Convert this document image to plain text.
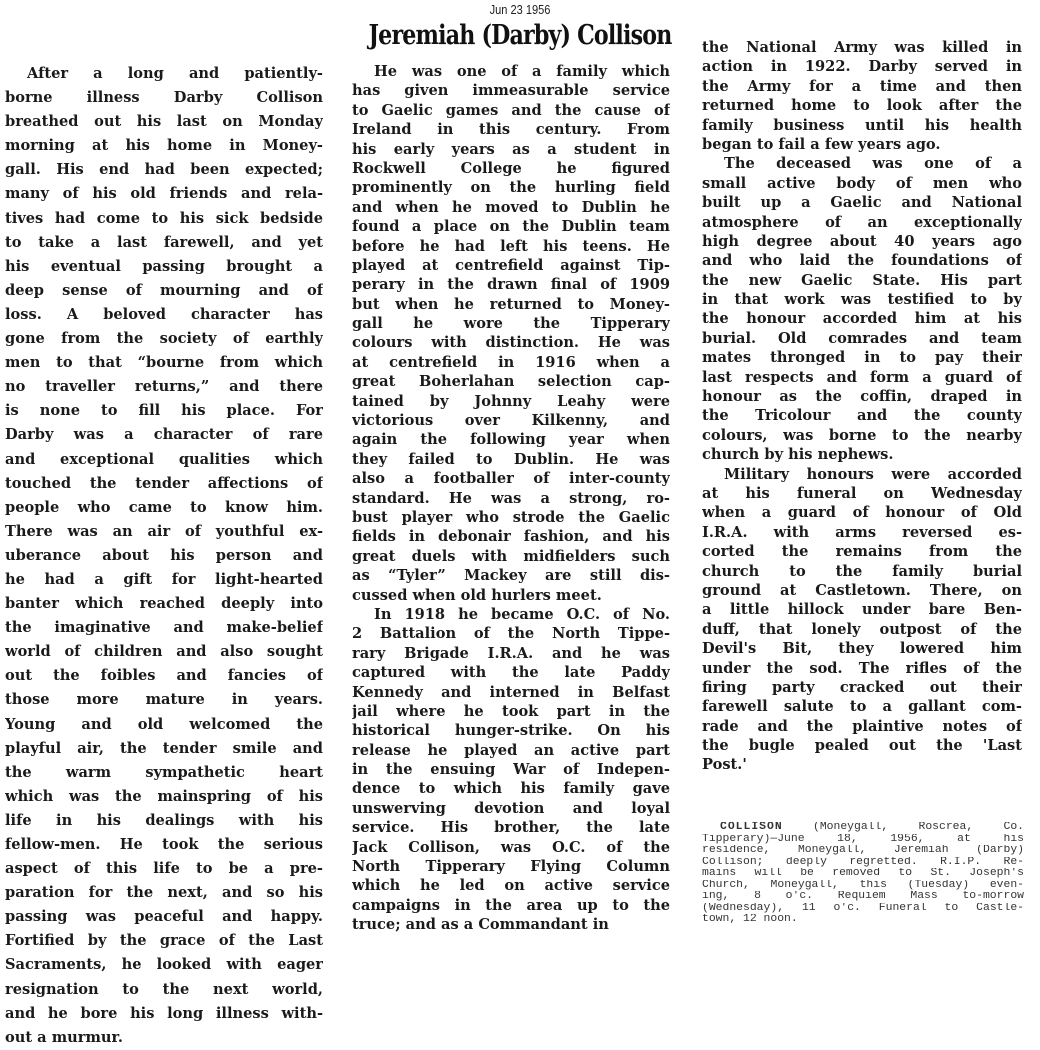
Jun 23 1956
Jeremiah (Darby) Collison
After a long and patiently-
borne illness Darby Collison
breathed out his last on Monday
morning at his home in Money-
gall. His end had been expected;
many of his old friends and rela-
tives had come to his sick bedside
to take a last farewell, and yet
his eventual passing brought a
deep sense of mourning and of
loss. A beloved character has
gone from the society of earthly
men to that “bourne from which
no traveller returns,” and there
is none to fill his place. For
Darby was a character of rare
and exceptional qualities which
touched the tender affections of
people who came to know him.
There was an air of youthful ex-
uberance about his person and
he had a gift for light-hearted
banter which reached deeply into
the imaginative and make-belief
world of children and also sought
out the foibles and fancies of
those more mature in years.
Young and old welcomed the
playful air, the tender smile and
the warm sympathetic heart
which was the mainspring of his
life in his dealings with his
fellow-men. He took the serious
aspect of this life to be a pre-
paration for the next, and so his
passing was peaceful and happy.
Fortified by the grace of the Last
Sacraments, he looked with eager
resignation to the next world,
and he bore his long illness with-
out a murmur.
He was one of a family which
has given immeasurable service
to Gaelic games and the cause of
Ireland in this century. From
his early years as a student in
Rockwell College he figured
prominently on the hurling field
and when he moved to Dublin he
found a place on the Dublin team
before he had left his teens. He
played at centrefield against Tip-
perary in the drawn final of 1909
but when he returned to Money-
gall he wore the Tipperary
colours with distinction. He was
at centrefield in 1916 when a
great Boherlahan selection cap-
tained by Johnny Leahy were
victorious over Kilkenny, and
again the following year when
they failed to Dublin. He was
also a footballer of inter-county
standard. He was a strong, ro-
bust player who strode the Gaelic
fields in debonair fashion, and his
great duels with midfielders such
as “Tyler” Mackey are still dis-
cussed when old hurlers meet.
In 1918 he became O.C. of No.
2 Battalion of the North Tippe-
rary Brigade I.R.A. and he was
captured with the late Paddy
Kennedy and interned in Belfast
jail where he took part in the
historical hunger-strike. On his
release he played an active part
in the ensuing War of Indepen-
dence to which his family gave
unswerving devotion and loyal
service. His brother, the late
Jack Collison, was O.C. of the
North Tipperary Flying Column
which he led on active service
campaigns in the area up to the
truce; and as a Commandant in
the National Army was killed in
action in 1922. Darby served in
the Army for a time and then
returned home to look after the
family business until his health
began to fail a few years ago.
The deceased was one of a
small active body of men who
built up a Gaelic and National
atmosphere of an exceptionally
high degree about 40 years ago
and who laid the foundations of
the new Gaelic State. His part
in that work was testified to by
the honour accorded him at his
burial. Old comrades and team
mates thronged in to pay their
last respects and form a guard of
honour as the coffin, draped in
the Tricolour and the county
colours, was borne to the nearby
church by his nephews.
Military honours were accorded
at his funeral on Wednesday
when a guard of honour of Old
I.R.A. with arms reversed es-
corted the remains from the
church to the family burial
ground at Castletown. There, on
a little hillock under bare Ben-
duff, that lonely outpost of the
Devil's Bit, they lowered him
under the sod. The rifles of the
firing party cracked out their
farewell salute to a gallant com-
rade and the plaintive notes of
the bugle pealed out the 'Last
Post.'
COLLISON	(Moneygall, Roscrea, Co.
Tipperary)—June 18, 1956, at his
residence, Moneygall, Jeremiah (Darby)
Collison; deeply regretted. R.I.P. Re-
mains will be removed to St. Joseph's
Church, Moneygall, this (Tuesday) even-
ing, 8 o'c. Requiem Mass to-morrow
(Wednesday), 11 o'c. Funeral to Castle-
town, 12 noon.
